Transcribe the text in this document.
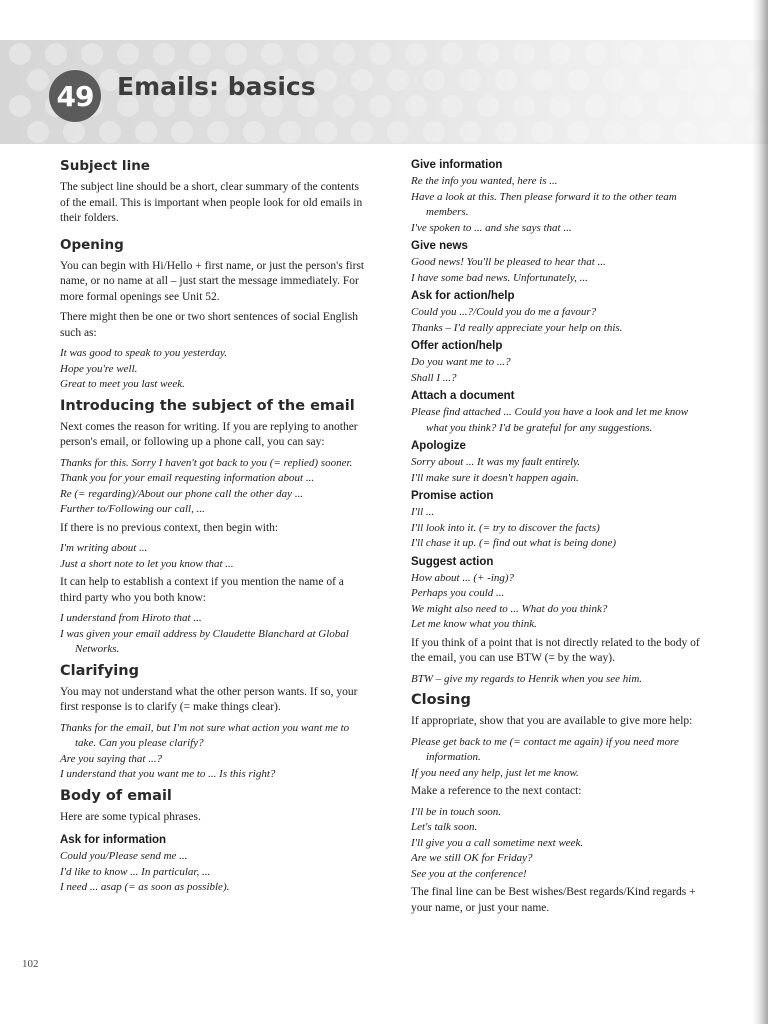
49 Emails: basics
Subject line

The subject line should be a short, clear summary of the contents of the email. This is important when people look for old emails in their folders.

Opening

You can begin with Hi/Hello + first name, or just the person's first name, or no name at all – just start the message immediately. For more formal openings see Unit 52.

There might then be one or two short sentences of social English such as:

It was good to speak to you yesterday.

Hope you're well.

Great to meet you last week.

Introducing the subject of the email

Next comes the reason for writing. If you are replying to another person's email, or following up a phone call, you can say:

Thanks for this. Sorry I haven't got back to you (= replied) sooner.

Thank you for your email requesting information about ...

Re (= regarding)/About our phone call the other day ...

Further to/Following our call, ...

If there is no previous context, then begin with:

I'm writing about ...

Just a short note to let you know that ...

It can help to establish a context if you mention the name of a third party who you both know:

I understand from Hiroto that ...

I was given your email address by Claudette Blanchard at Global Networks.

Clarifying

You may not understand what the other person wants. If so, your first response is to clarify (= make things clear).

Thanks for the email, but I'm not sure what action you want me to take. Can you please clarify?

Are you saying that ...?

I understand that you want me to ... Is this right?

Body of email

Here are some typical phrases.

Ask for information

Could you/Please send me ...

I'd like to know ... In particular, ...

I need ... asap (= as soon as possible).

Give information

Re the info you wanted, here is ...

Have a look at this. Then please forward it to the other team members.

I've spoken to ... and she says that ...

Give news

Good news! You'll be pleased to hear that ...

I have some bad news. Unfortunately, ...

Ask for action/help

Could you ...?/Could you do me a favour?

Thanks – I'd really appreciate your help on this.

Offer action/help

Do you want me to ...?

Shall I ...?

Attach a document

Please find attached ... Could you have a look and let me know what you think? I'd be grateful for any suggestions.

Apologize

Sorry about ... It was my fault entirely.

I'll make sure it doesn't happen again.

Promise action

I'll ...

I'll look into it. (= try to discover the facts)

I'll chase it up. (= find out what is being done)

Suggest action

How about ... (+ -ing)?

Perhaps you could ...

We might also need to ... What do you think?

Let me know what you think.

If you think of a point that is not directly related to the body of the email, you can use BTW (= by the way).

BTW – give my regards to Henrik when you see him.

Closing

If appropriate, show that you are available to give more help:

Please get back to me (= contact me again) if you need more information.

If you need any help, just let me know.

Make a reference to the next contact:

I'll be in touch soon.

Let's talk soon.

I'll give you a call sometime next week.

Are we still OK for Friday?

See you at the conference!

The final line can be Best wishes/Best regards/Kind regards + your name, or just your name.

102
